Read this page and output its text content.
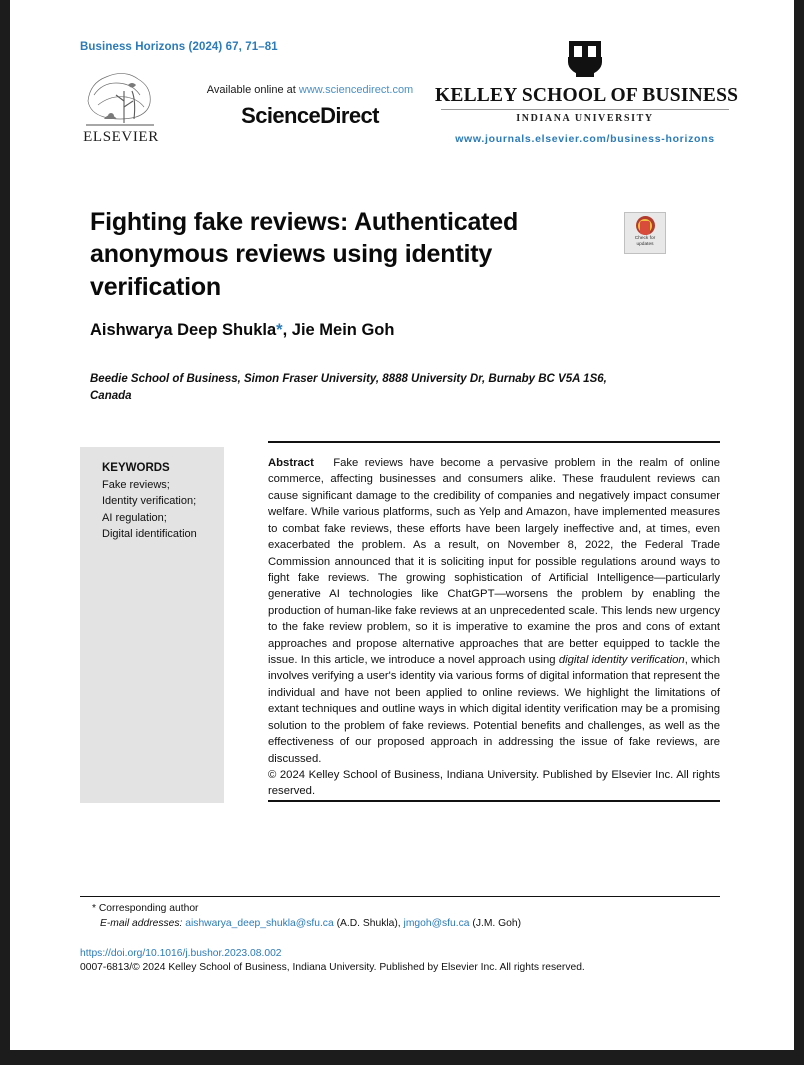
Business Horizons (2024) 67, 71–81
ELSEVIER
Available online at www.sciencedirect.com
ScienceDirect
KELLEY SCHOOL OF BUSINESS
INDIANA UNIVERSITY
www.journals.elsevier.com/business-horizons
Fighting fake reviews: Authenticated anonymous reviews using identity verification
Check for
updates
Aishwarya Deep Shukla*, Jie Mein Goh
Beedie School of Business, Simon Fraser University, 8888 University Dr, Burnaby BC V5A 1S6, Canada
KEYWORDS
Fake reviews;
Identity verification;
AI regulation;
Digital identification

Abstract Fake reviews have become a pervasive problem in the realm of online commerce, affecting businesses and consumers alike. These fraudulent reviews can cause significant damage to the credibility of companies and negatively impact consumer welfare. While various platforms, such as Yelp and Amazon, have implemented measures to combat fake reviews, these efforts have been largely ineffective and, at times, even exacerbated the problem. As a result, on November 8, 2022, the Federal Trade Commission announced that it is soliciting input for possible regulations around ways to fight fake reviews. The growing sophistication of Artificial Intelligence—particularly generative AI technologies like ChatGPT—worsens the problem by enabling the production of human-like fake reviews at an unprecedented scale. This lends new urgency to the fake review problem, so it is imperative to examine the pros and cons of extant approaches and propose alternative approaches that are better equipped to tackle the issue. In this article, we introduce a novel approach using digital identity verification, which involves verifying a user's identity via various forms of digital information that represent the individual and have not been applied to online reviews. We highlight the limitations of extant techniques and outline ways in which digital identity verification may be a promising solution to the problem of fake reviews. Potential benefits and challenges, as well as the effectiveness of our proposed approach in addressing the issue of fake reviews, are discussed.

© 2024 Kelley School of Business, Indiana University. Published by Elsevier Inc. All rights reserved.

* Corresponding author
E-mail addresses: aishwarya_deep_shukla@sfu.ca (A.D. Shukla), jmgoh@sfu.ca (J.M. Goh)
https://doi.org/10.1016/j.bushor.2023.08.002
0007-6813/© 2024 Kelley School of Business, Indiana University. Published by Elsevier Inc. All rights reserved.
